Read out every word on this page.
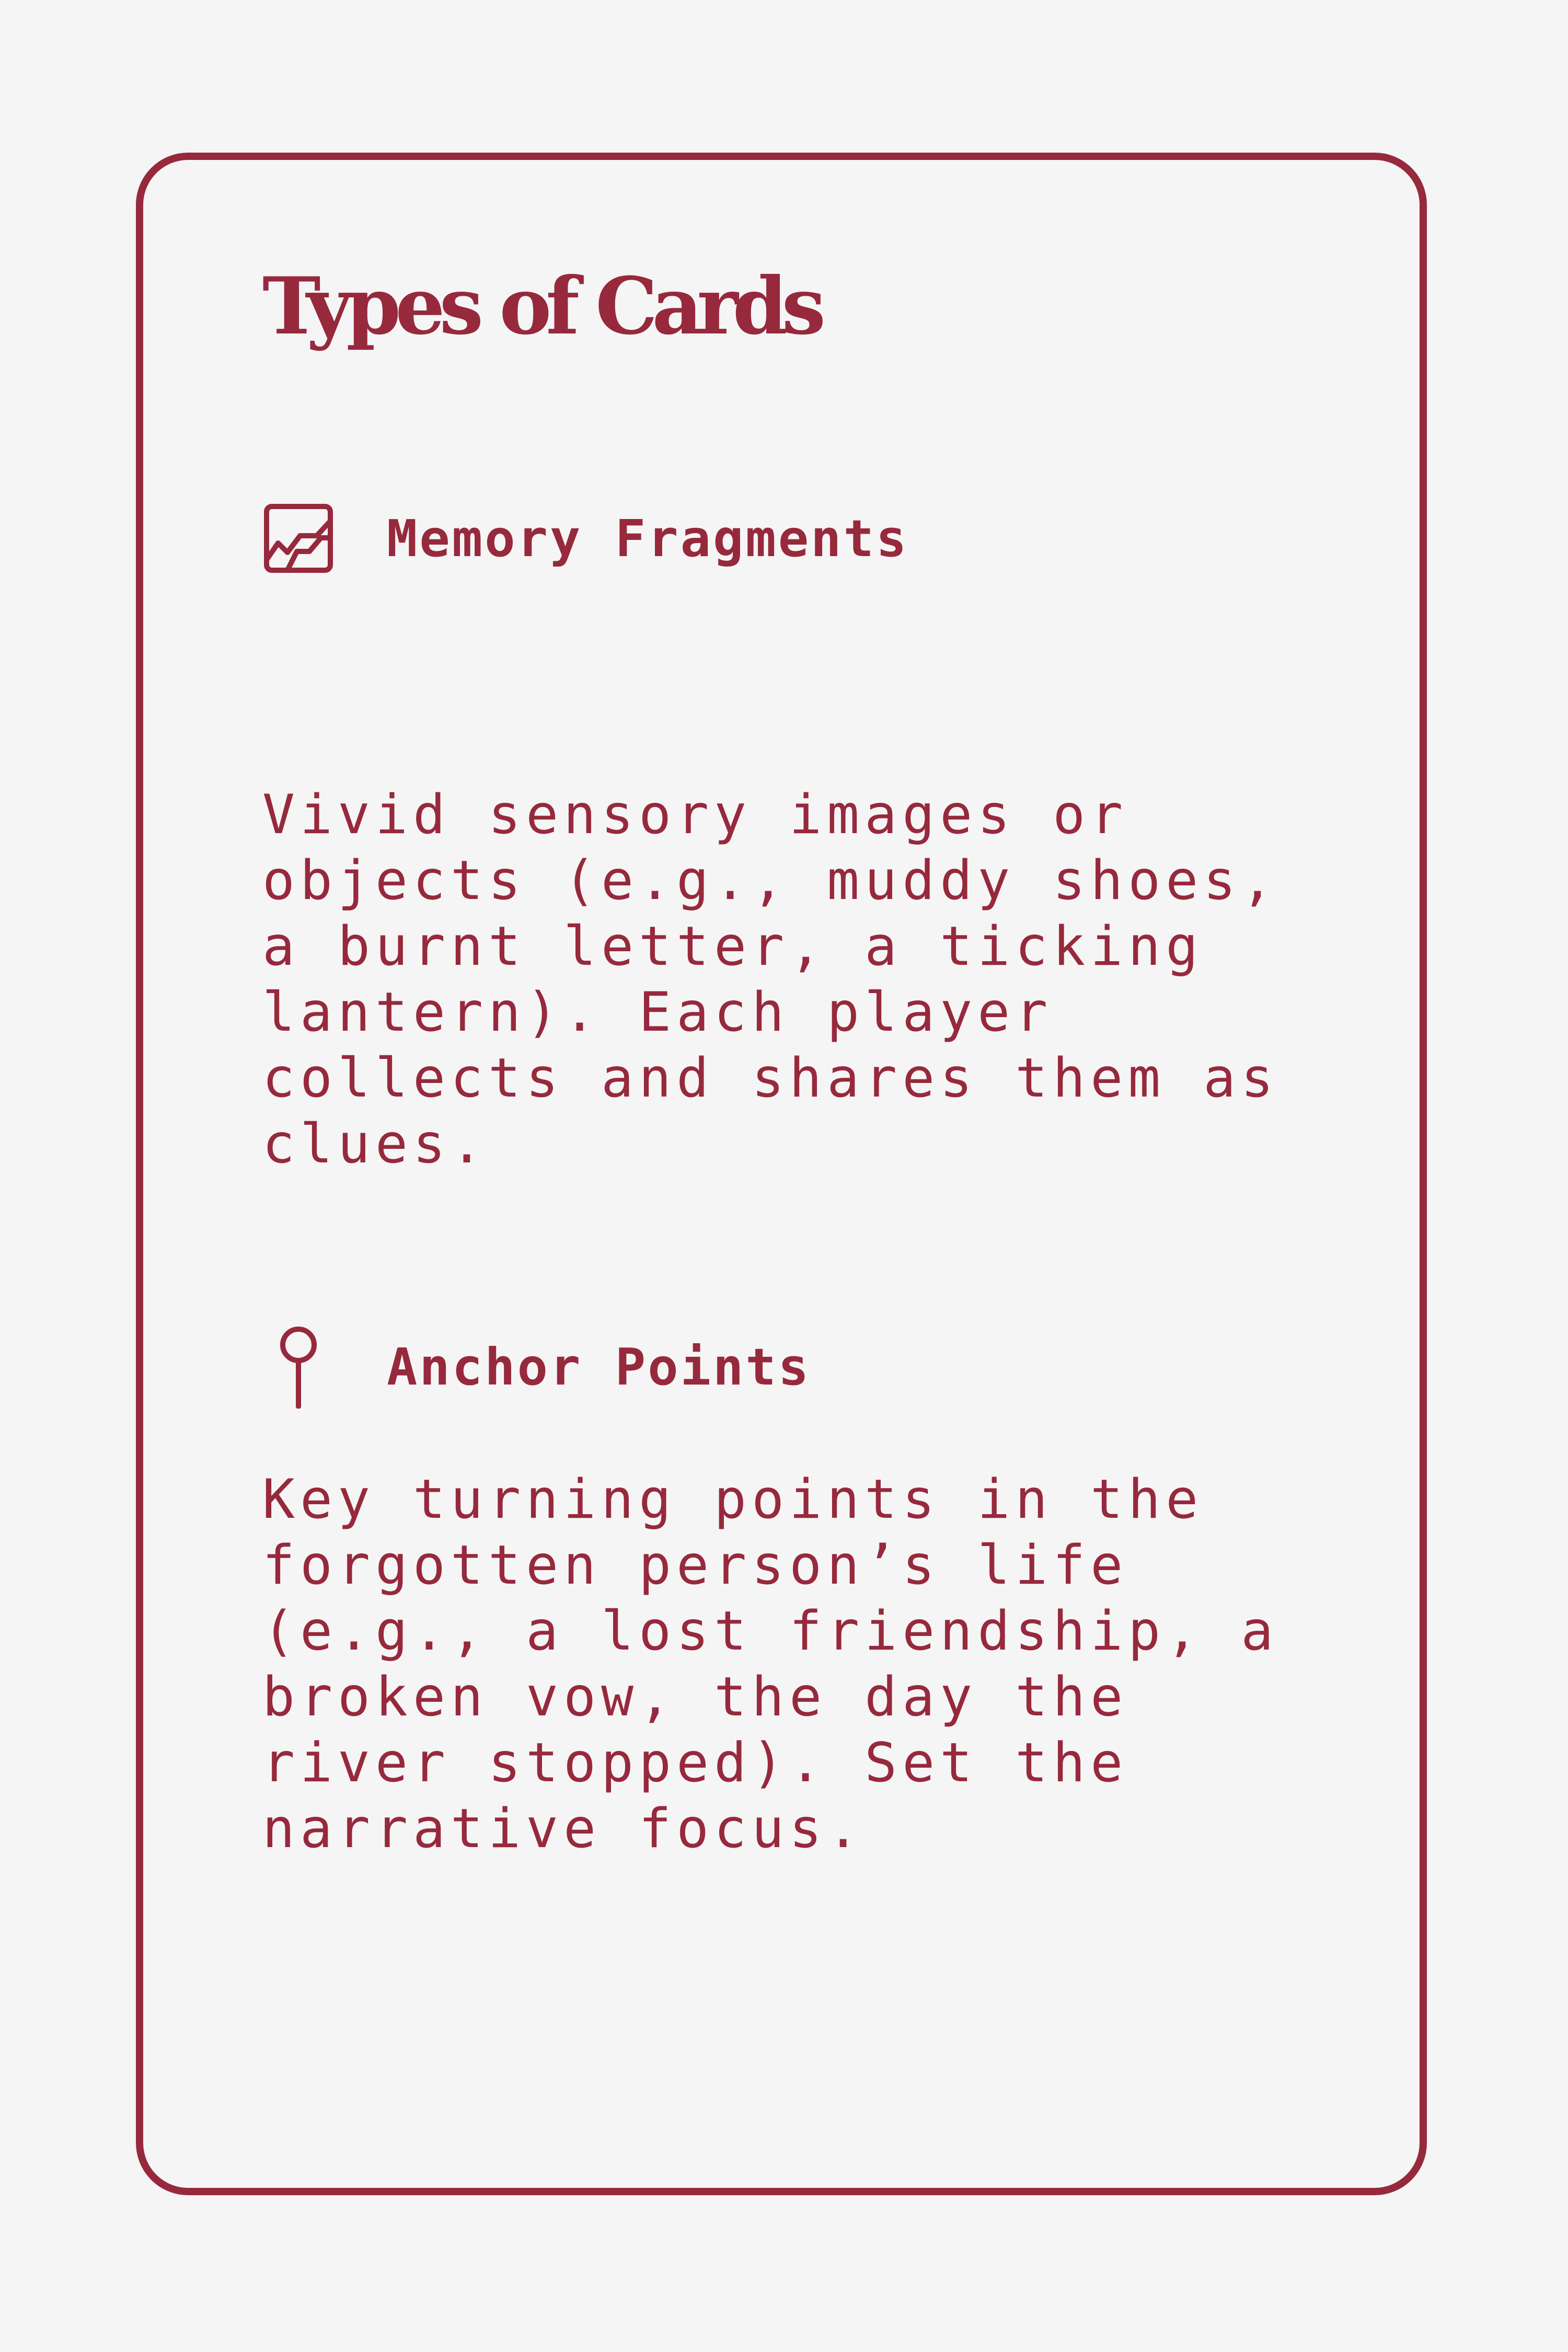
Types of Cards
Memory Fragments

Vivid sensory images or objects (e.g., muddy shoes, a burnt letter, a ticking lantern). Each player collects and shares them as clues.

Anchor Points

Key turning points in the forgotten person’s life (e.g., a lost friendship, a broken vow, the day the river stopped). Set the narrative focus.
